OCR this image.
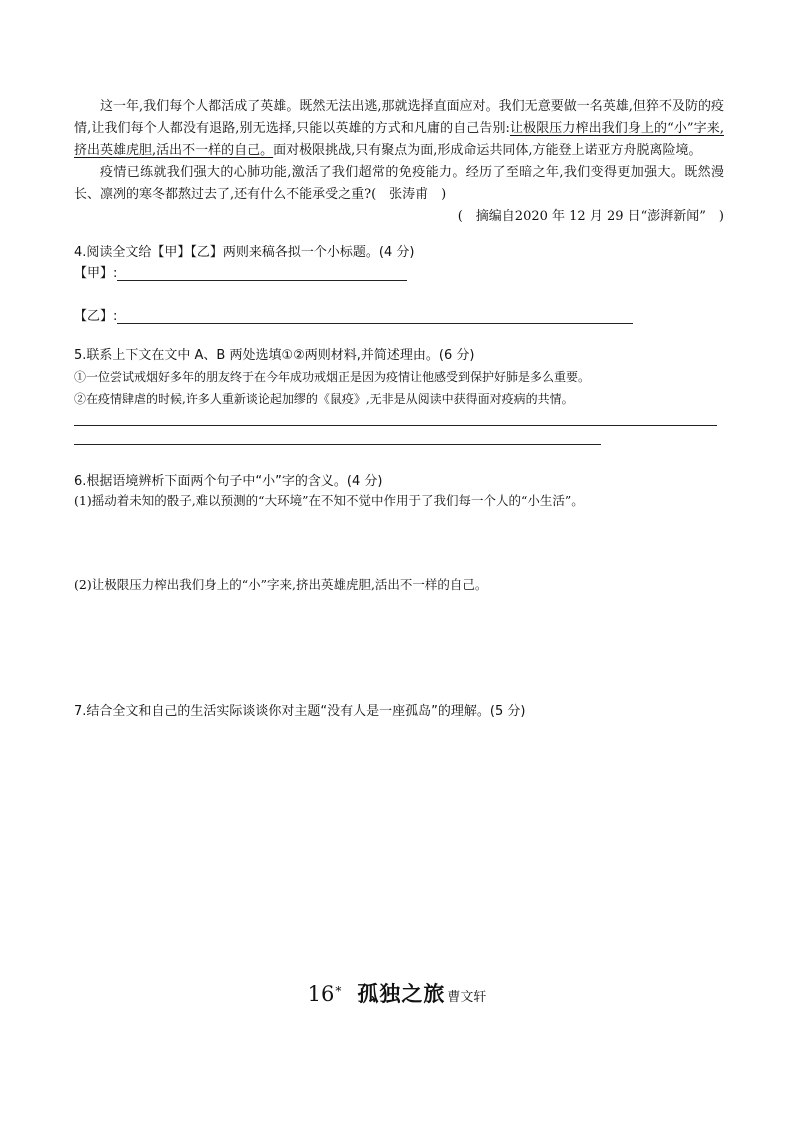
这一年,我们每个人都活成了英雄。既然无法出逃,那就选择直面应对。我们无意要做一名英雄,但猝不及防的疫情,让我们每个人都没有退路,别无选择,只能以英雄的方式和凡庸的自己告别:让极限压力榨出我们身上的“小”字来,挤出英雄虎胆,活出不一样的自己。面对极限挑战,只有聚点为面,形成命运共同体,方能登上诺亚方舟脱离险境。

疫情已练就我们强大的心肺功能,激活了我们超常的免疫能力。经历了至暗之年,我们变得更加强大。既然漫长、凛冽的寒冬都熬过去了,还有什么不能承受之重?(　张涛甫　)

(　摘编自2020 年 12 月 29 日“澎湃新闻”　)

4.阅读全文给【甲】【乙】两则来稿各拟一个小标题。(4 分)
【甲】:
【乙】:
5.联系上下文在文中 A、B 两处选填①②两则材料,并简述理由。(6 分)
①一位尝试戒烟好多年的朋友终于在今年成功戒烟正是因为疫情让他感受到保护好肺是多么重要。
②在疫情肆虐的时候,许多人重新谈论起加缪的《鼠疫》,无非是从阅读中获得面对疫病的共情。
6.根据语境辨析下面两个句子中“小”字的含义。(4 分)
(1)摇动着未知的骰子,难以预测的“大环境”在不知不觉中作用于了我们每一个人的“小生活”。
(2)让极限压力榨出我们身上的“小”字来,挤出英雄虎胆,活出不一样的自己。
7.结合全文和自己的生活实际谈谈你对主题“没有人是一座孤岛”的理解。(5 分)
16* 孤独之旅 曹文轩
